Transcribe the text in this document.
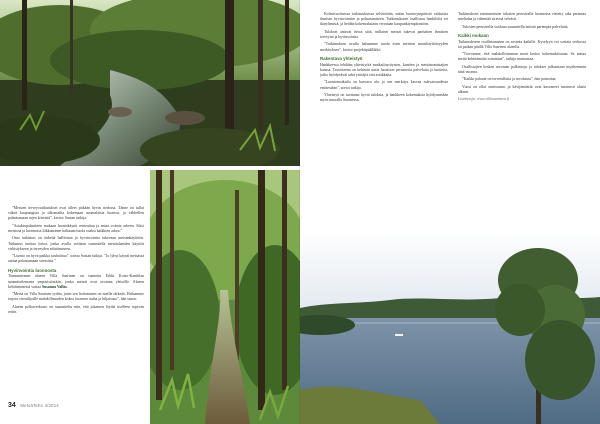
”Metsien terveysvaikutukset ovat olleet pitkään hyvin tiedossa. Tänne on tullut väkeä kaupungista ja ulkomailta kokemaan suomalaista luontoa, ja vähitellen palautumaan arjen kiireistä”, kertoo Sustan tutkija.

”Asiakaspalautteen mukaan luontokäynti rentouttaa ja antaa voimia arkeen. Siksi metsissä ja luonnossa liikkuminen halutaan tuoda osaksi kaikkien arkea.”

Oma tutkimus on tärkeää hallittuun ja hyvinvointia tukevaan metsänkäyttöön. Tutkimus tuottaa tietoa, jonka avulla voidaan suunnitella metsäalueiden käyttöä virkistykseen ja terveyden edistämiseen.

”Luonto on hyvä paikka rauhoittua”, toteaa Sustan tutkija. ”Jo lyhyt käynti metsässä auttaa palautumaan stressistä.”

Hyvinvointia luonnosta

Tamminiemen alueen Villa Saarinen on tunnettu Erkki Koiso-Kanttilan suunnittelemasta ympäristöstään, jonka metsät ovat avoinna yleisölle. Alueen kehittämisestä vastaa Susanna Vallin.

”Metsä on Villa Saarisen sydän, joten sen hoitaminen on meille tärkeää. Haluamme tarjota vierailijoille mahdollisuuden kokea luonnon rauha ja hiljaisuus”, hän sanoo.

Alueen polkuverkosto on suunniteltu niin, että jokainen löytää itselleen sopivan reitin.

34 MetsäTeho 4/2014

Kolmivuotisessa tutkimuksessa selvitetään, miten luontoympäristö vaikuttaa ihmisen hyvinvointiin ja palautumiseen. Tutkimukseen osallistuu henkilöitä eri ikäryhmistä, ja heidän kokemuksiaan verrataan kaupunkiympäristöön.

Tulokset antavat tietoa siitä, millaiset metsät tukevat parhaiten ihmisten terveyttä ja hyvinvointia.

”Tutkimuksen avulla haluamme tuoda esiin metsien monikäyttöisyyden merkityksen”, kertoo projektipäällikkö.

Rakentava yhteistyö

Hankkeessa tehdään yhteistyötä matkailuyritysten, kuntien ja metsänomistajien kanssa. Tavoitteena on kehittää uusia luontoon perustuvia palveluita ja tuotteita, jotka hyödyttävät sekä yrittäjiä että asiakkaita.

”Luontomatkailu on kasvava ala, ja sen merkitys kasvaa tulevaisuudessa entisestään”, arvioi tutkija.

Yhteistyö on tuottanut hyviä tuloksia, ja hankkeen kokemuksia hyödynnetään myös muualla Suomessa.

Tutkimuksen ensimmäisten tulosten perusteella luonnossa vietetty aika parantaa mielialaa ja vähentää stressiä selvästi.

Tulosten perusteella voidaan suunnitella entistä parempia palveluita.

Kaikki mukaan

Tutkimukseen osallistuminen on avointa kaikille. Kyselyyn voi vastata verkossa tai paikan päällä Villa Saarisen alueella.

”Toivomme, että mahdollisimman moni kertoo kokemuksistaan. Se auttaa meitä kehittämään toimintaa”, tutkija muistuttaa.

Osallistujien kesken arvotaan palkintoja, ja tulokset julkaistaan myöhemmin tänä vuonna.

”Kaikki palaute on tervetullutta ja arvokasta”, hän painottaa.

Vuosi on ollut onnistunut, ja kävijämäärät ovat kasvaneet tasaisesti alusta alkaen.

Lisätietoja: www.villasaarinen.fi
